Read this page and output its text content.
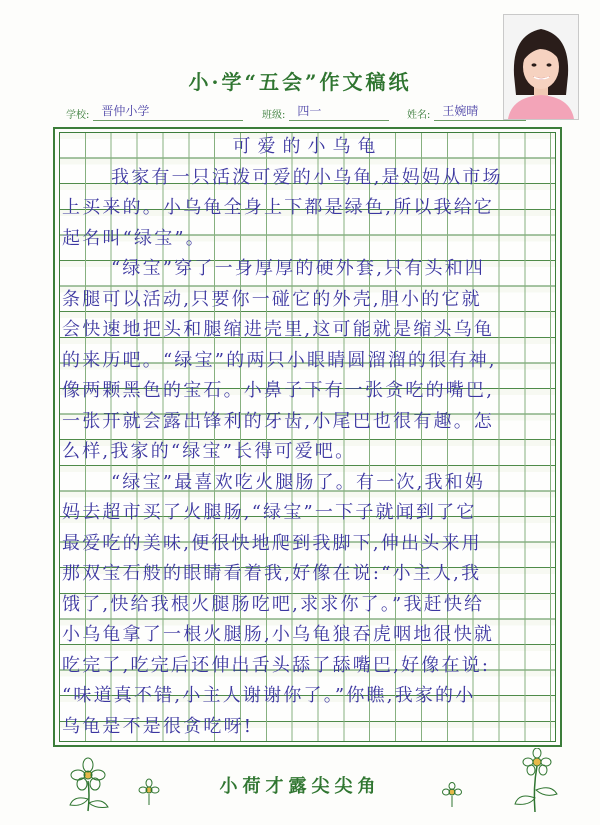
小·学“五会”作文稿纸
学校: 晋仲小学	班级: 四一	姓名: 王婉晴
可爱的小乌龟
我家有一只活泼可爱的小乌龟,是妈妈从市场
上买来的。小乌龟全身上下都是绿色,所以我给它
起名叫“绿宝”。
“绿宝”穿了一身厚厚的硬外套,只有头和四
条腿可以活动,只要你一碰它的外壳,胆小的它就
会快速地把头和腿缩进壳里,这可能就是缩头乌龟
的来历吧。“绿宝”的两只小眼睛圆溜溜的很有神,
像两颗黑色的宝石。小鼻子下有一张贪吃的嘴巴,
一张开就会露出锋利的牙齿,小尾巴也很有趣。怎
么样,我家的“绿宝”长得可爱吧。
“绿宝”最喜欢吃火腿肠了。有一次,我和妈
妈去超市买了火腿肠,“绿宝”一下子就闻到了它
最爱吃的美味,便很快地爬到我脚下,伸出头来用
那双宝石般的眼睛看着我,好像在说:“小主人,我
饿了,快给我根火腿肠吃吧,求求你了。”我赶快给
小乌龟拿了一根火腿肠,小乌龟狼吞虎咽地很快就
吃完了,吃完后还伸出舌头舔了舔嘴巴,好像在说:
“味道真不错,小主人谢谢你了。”你瞧,我家的小
乌龟是不是很贪吃呀!
小荷才露尖尖角
